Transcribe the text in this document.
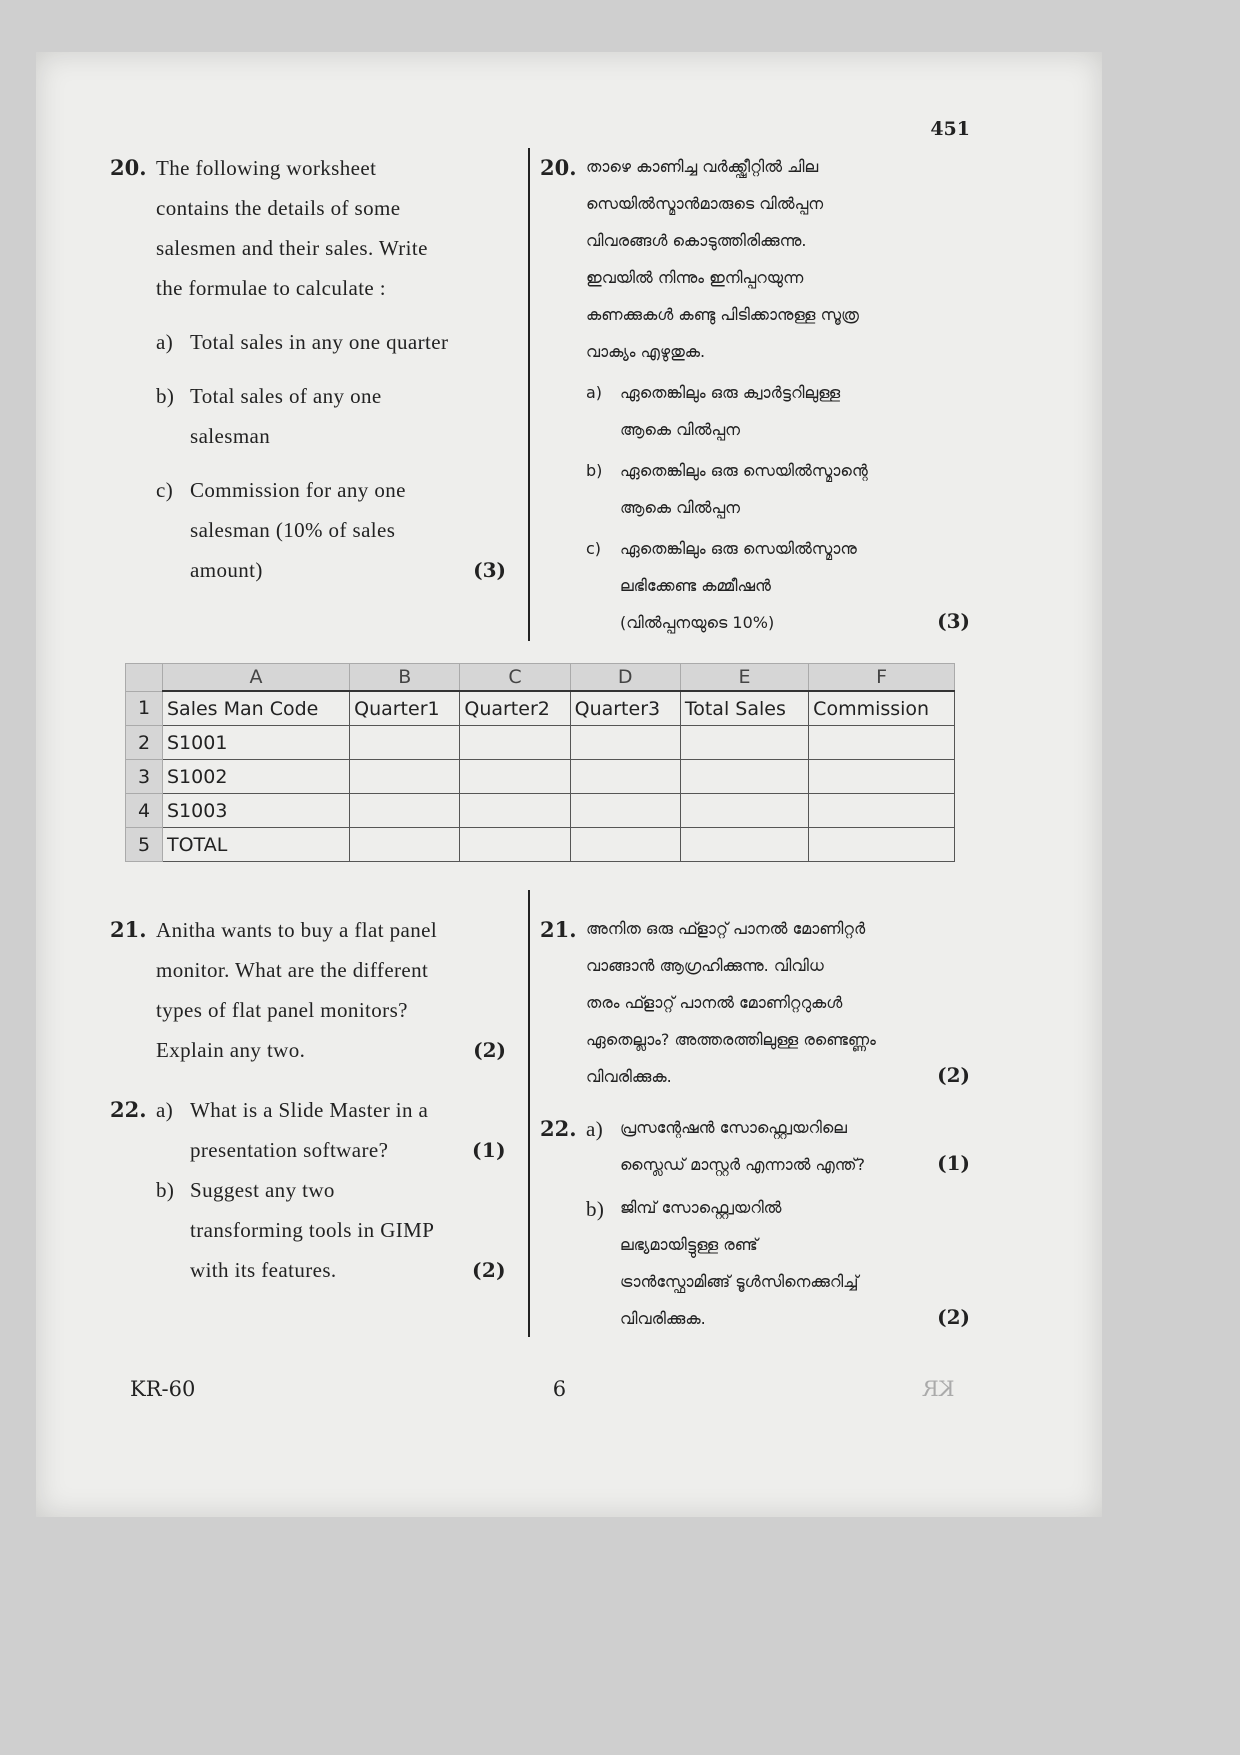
451
20. The following worksheet
contains the details of some
salesmen and their sales. Write
the formulae to calculate :
a) Total sales in any one quarter
b) Total sales of any one
salesman
c) Commission for any one
salesman (10% of sales
amount)	(3)
20. താഴെ കാണിച്ച വർക്ക്ഷീറ്റിൽ ചില
സെയിൽസ്മാൻമാരുടെ വിൽപ്പന
വിവരങ്ങൾ കൊടുത്തിരിക്കുന്നു.
ഇവയിൽ നിന്നും ഇനിപ്പറയുന്ന
കണക്കുകൾ കണ്ടു പിടിക്കാനുള്ള സൂത്ര
വാക്യം എഴുതുക.
a)	ഏതെങ്കിലും ഒരു ക്വാർട്ടറിലുള്ള
ആകെ വിൽപ്പന
b)	ഏതെങ്കിലും ഒരു സെയിൽസ്മാന്റെ
ആകെ വിൽപ്പന
c)	ഏതെങ്കിലും ഒരു സെയിൽസ്മാനു
ലഭിക്കേണ്ട കമ്മീഷൻ
(വിൽപ്പനയുടെ 10%)	(3)
	A	B	C	D	E	F
1	Sales Man Code	Quarter1	Quarter2	Quarter3	Total Sales	Commission
2	S1001					
3	S1002					
4	S1003					
5	TOTAL					
21. Anitha wants to buy a flat panel
monitor. What are the different
types of flat panel monitors?
Explain any two.	(2)
22. a) What is a Slide Master in a
presentation software?	(1)
b) Suggest any two
transforming tools in GIMP
with its features.	(2)
21. അനിത ഒരു ഫ്ളാറ്റ് പാനൽ മോണിറ്റർ
വാങ്ങാൻ ആഗ്രഹിക്കുന്നു. വിവിധ
തരം ഫ്ളാറ്റ് പാനൽ മോണിറ്ററുകൾ
ഏതെല്ലാം? അത്തരത്തിലുള്ള രണ്ടെണ്ണം
വിവരിക്കുക.	(2)
22. a)	പ്രസന്റേഷൻ സോഫ്റ്റ്വെയറിലെ
സ്ലൈഡ് മാസ്റ്റർ എന്നാൽ എന്ത്?	(1)
b) ജിമ്പ് സോഫ്റ്റ്വെയറിൽ
ലഭ്യമായിട്ടുള്ള രണ്ട്
ട്രാൻസ്ഫോമിങ്ങ് ടൂൾസിനെക്കുറിച്ച്
വിവരിക്കുക.	(2)
KR-60	6	KR
